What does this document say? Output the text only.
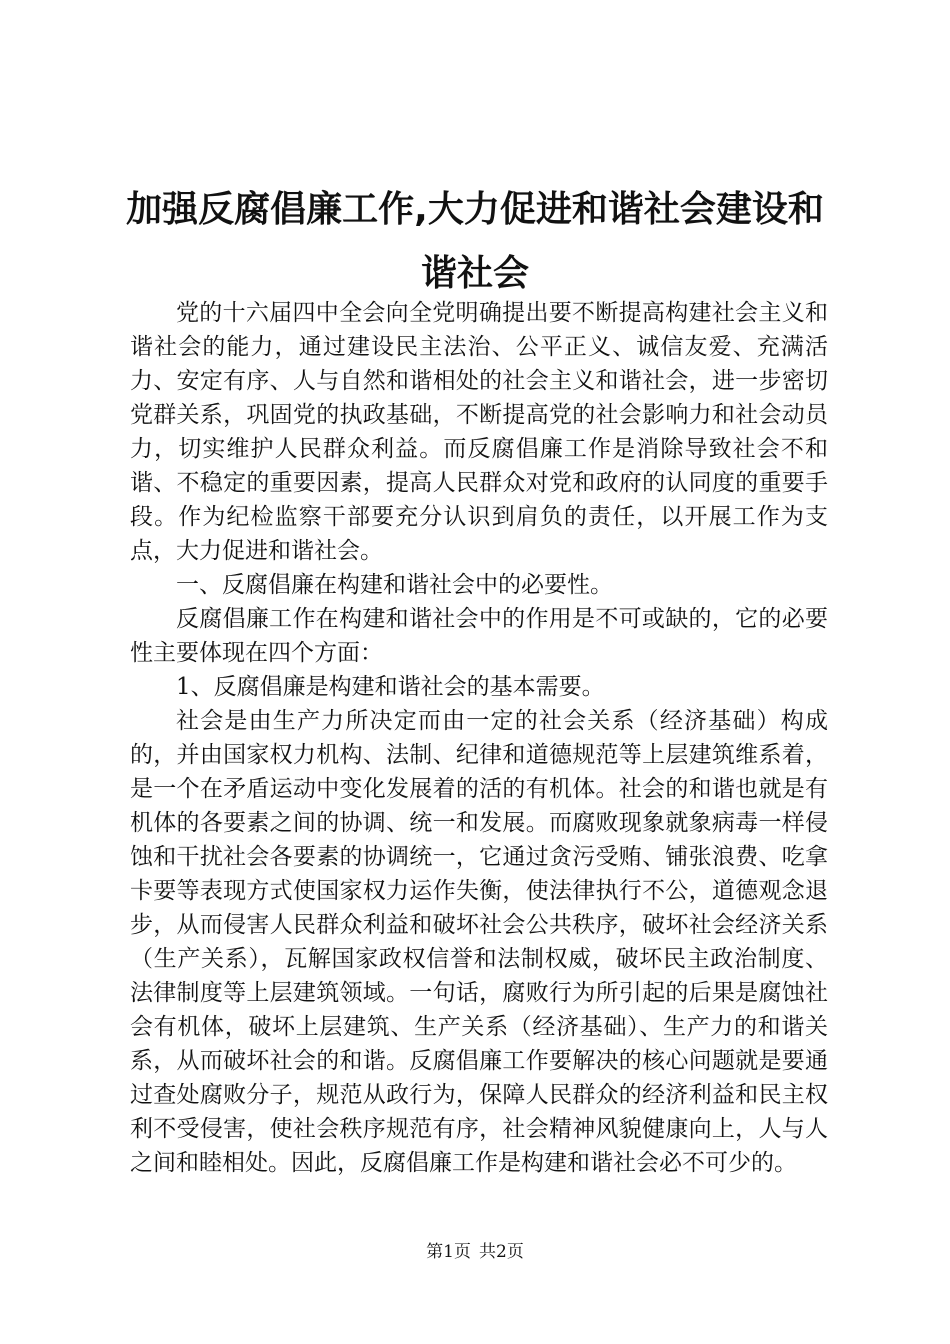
加强反腐倡廉工作,大力促进和谐社会建设和谐社会

党的十六届四中全会向全党明确提出要不断提高构建社会主义和谐社会的能力，通过建设民主法治、公平正义、诚信友爱、充满活力、安定有序、人与自然和谐相处的社会主义和谐社会，进一步密切党群关系，巩固党的执政基础，不断提高党的社会影响力和社会动员力，切实维护人民群众利益。而反腐倡廉工作是消除导致社会不和谐、不稳定的重要因素，提高人民群众对党和政府的认同度的重要手段。作为纪检监察干部要充分认识到肩负的责任，以开展工作为支点，大力促进和谐社会。

一、反腐倡廉在构建和谐社会中的必要性。

反腐倡廉工作在构建和谐社会中的作用是不可或缺的，它的必要性主要体现在四个方面：

1、反腐倡廉是构建和谐社会的基本需要。

社会是由生产力所决定而由一定的社会关系（经济基础）构成的，并由国家权力机构、法制、纪律和道德规范等上层建筑维系着，是一个在矛盾运动中变化发展着的活的有机体。社会的和谐也就是有机体的各要素之间的协调、统一和发展。而腐败现象就象病毒一样侵蚀和干扰社会各要素的协调统一，它通过贪污受贿、铺张浪费、吃拿卡要等表现方式使国家权力运作失衡，使法律执行不公，道德观念退步，从而侵害人民群众利益和破坏社会公共秩序，破坏社会经济关系（生产关系），瓦解国家政权信誉和法制权威，破坏民主政治制度、法律制度等上层建筑领域。一句话，腐败行为所引起的后果是腐蚀社会有机体，破坏上层建筑、生产关系（经济基础）、生产力的和谐关系，从而破坏社会的和谐。反腐倡廉工作要解决的核心问题就是要通过查处腐败分子，规范从政行为，保障人民群众的经济利益和民主权利不受侵害，使社会秩序规范有序，社会精神风貌健康向上，人与人之间和睦相处。因此，反腐倡廉工作是构建和谐社会必不可少的。

第1页 共2页
